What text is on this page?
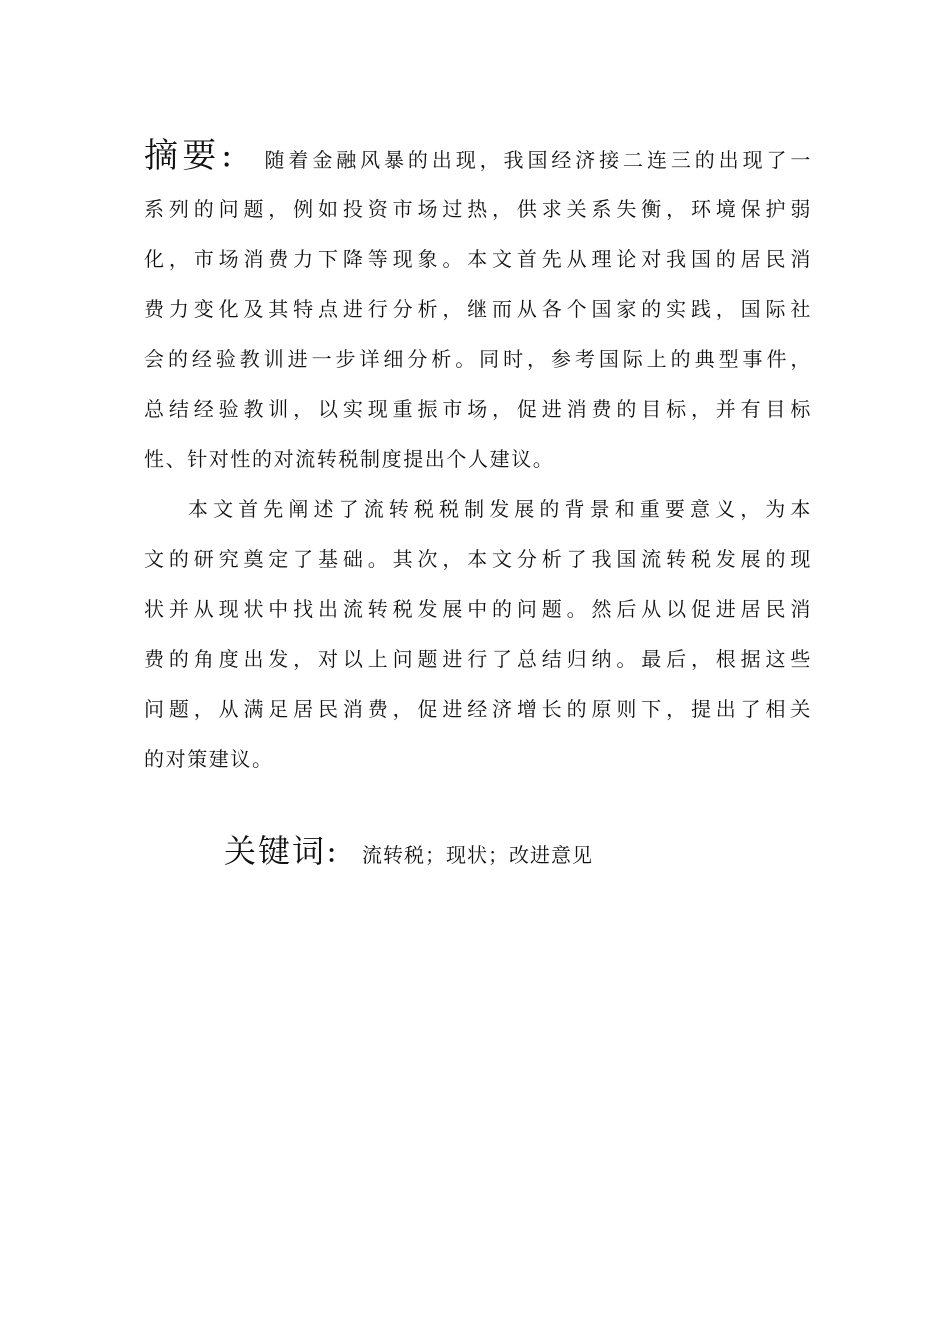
摘要： 随着金融风暴的出现，我国经济接二连三的出现了一
系列的问题，例如投资市场过热，供求关系失衡，环境保护弱
化，市场消费力下降等现象。本文首先从理论对我国的居民消
费力变化及其特点进行分析，继而从各个国家的实践，国际社
会的经验教训进一步详细分析。同时，参考国际上的典型事件，
总结经验教训，以实现重振市场，促进消费的目标，并有目标
性、针对性的对流转税制度提出个人建议。
本文首先阐述了流转税税制发展的背景和重要意义，为本
文的研究奠定了基础。其次，本文分析了我国流转税发展的现
状并从现状中找出流转税发展中的问题。然后从以促进居民消
费的角度出发，对以上问题进行了总结归纳。最后，根据这些
问题，从满足居民消费，促进经济增长的原则下，提出了相关
的对策建议。
关键词： 流转税；现状；改进意见
